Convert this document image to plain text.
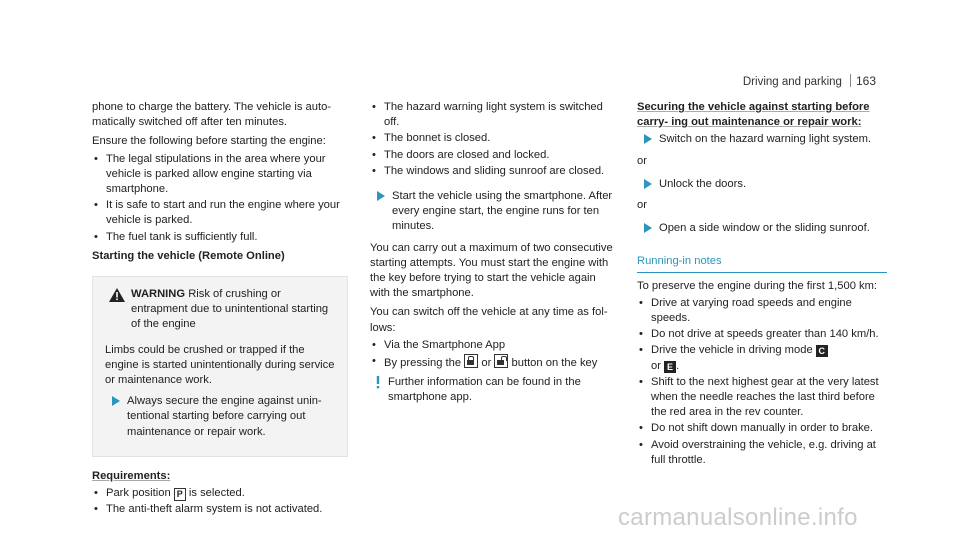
Driving and parking 163

phone to charge the battery. The vehicle is auto- matically switched off after ten minutes.

Ensure the following before starting the engine:

• The legal stipulations in the area where your vehicle is parked allow engine starting via smartphone.
• It is safe to start and run the engine where your vehicle is parked.
• The fuel tank is sufficiently full.
Starting the vehicle (Remote Online)
WARNING Risk of crushing or entrapment due to unintentional starting of the engine

Limbs could be crushed or trapped if the engine is started unintentionally during service or maintenance work.

Always secure the engine against unin- tentional starting before carrying out maintenance or repair work.
Requirements:
• Park position P is selected.
• The anti-theft alarm system is not activated.
• The hazard warning light system is switched off.
• The bonnet is closed.
• The doors are closed and locked.
• The windows and sliding sunroof are closed.
Start the vehicle using the smartphone. After every engine start, the engine runs for ten minutes.

You can carry out a maximum of two consecutive starting attempts. You must start the engine with the key before trying to start the vehicle again with the smartphone.

You can switch off the vehicle at any time as fol- lows:

• Via the Smartphone App
• By pressing the  or  button on the key
Further information can be found in the smartphone app.
Securing the vehicle against starting before carry- ing out maintenance or repair work:
Switch on the hazard warning light system.

or

Unlock the doors.

or

Open a side window or the sliding sunroof.
Running-in notes

To preserve the engine during the first 1,500 km:

• Drive at varying road speeds and engine speeds.
• Do not drive at speeds greater than 140 km/h.
• Drive the vehicle in driving mode C
or E .
• Shift to the next highest gear at the very latest when the needle reaches the last third before the red area in the rev counter.
• Do not shift down manually in order to brake.
• Avoid overstraining the vehicle, e.g. driving at full throttle.
carmanualsonline.info
